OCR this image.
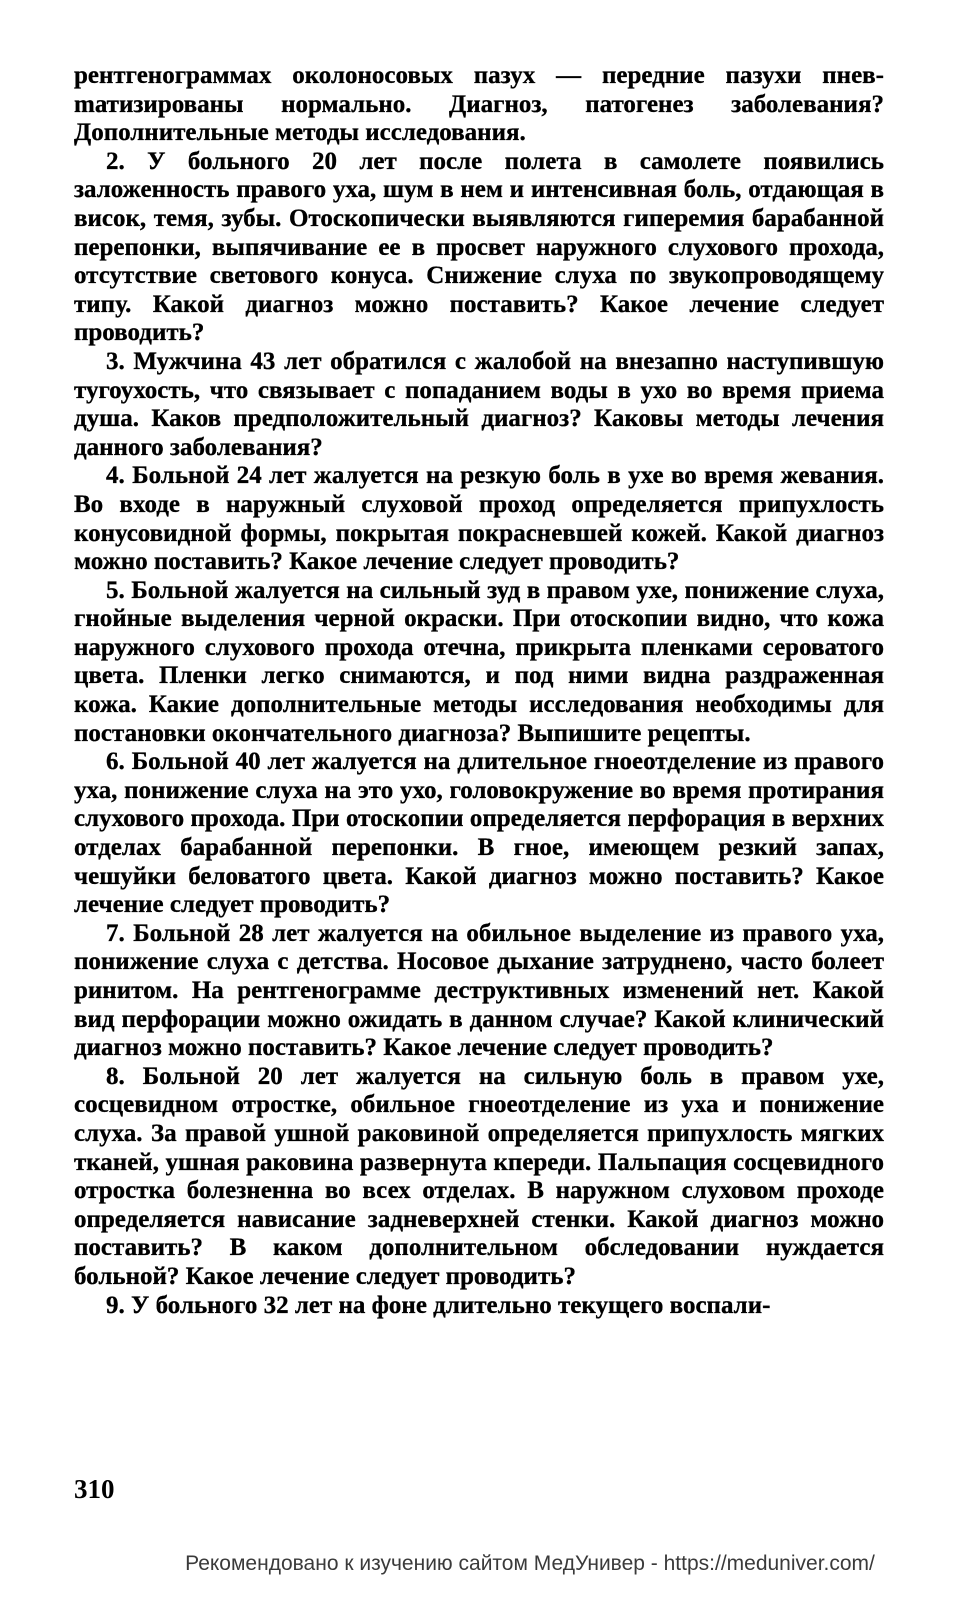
рентгенограммах околоносовых пазух — передние пазухи пневmатизированы нормально. Диагноз, патогенез заболевания? Дополнительные методы исследования.

2. У больного 20 лет после полета в самолете появились заложенность правого уха, шум в нем и интенсивная боль, отдающая в висок, темя, зубы. Отоскопически выявляются гиперемия барабанной перепонки, выпячивание ее в просвет наружного слухового прохода, отсутствие светового конуса. Снижение слуха по звукопроводящему типу. Какой диагноз можно поставить? Какое лечение следует проводить?

3. Мужчина 43 лет обратился с жалобой на внезапно наступившую тугоухость, что связывает с попаданием воды в ухо во время приема душа. Каков предположительный диагноз? Каковы методы лечения данного заболевания?

4. Больной 24 лет жалуется на резкую боль в ухе во время жевания. Во входе в наружный слуховой проход определяется припухлость конусовидной формы, покрытая покрасневшей кожей. Какой диагноз можно поставить? Какое лечение следует проводить?

5. Больной жалуется на сильный зуд в правом ухе, понижение слуха, гнойные выделения черной окраски. При отоскопии видно, что кожа наружного слухового прохода отечна, прикрыта пленками сероватого цвета. Пленки легко снимаются, и под ними видна раздраженная кожа. Какие дополнительные методы исследования необходимы для постановки окончательного диагноза? Выпишите рецепты.

6. Больной 40 лет жалуется на длительное гноеотделение из правого уха, понижение слуха на это ухо, головокружение во время протирания слухового прохода. При отоскопии определяется перфорация в верхних отделах барабанной перепонки. В гное, имеющем резкий запах, чешуйки беловатого цвета. Какой диагноз можно поставить? Какое лечение следует проводить?

7. Больной 28 лет жалуется на обильное выделение из правого уха, понижение слуха с детства. Носовое дыхание затруднено, часто болеет ринитом. На рентгенограмме деструктивных изменений нет. Какой вид перфорации можно ожидать в данном случае? Какой клинический диагноз можно поставить? Какое лечение следует проводить?

8. Больной 20 лет жалуется на сильную боль в правом ухе, сосцевидном отростке, обильное гноеотделение из уха и понижение слуха. За правой ушной раковиной определяется припухлость мягких тканей, ушная раковина развернута кпереди. Пальпация сосцевидного отростка болезненна во всех отделах. В наружном слуховом проходе определяется нависание задневерхней стенки. Какой диагноз можно поставить? В каком дополнительном обследовании нуждается больной? Какое лечение следует проводить?

9. У больного 32 лет на фоне длительно текущего воспали-

310
Рекомендовано к изучению сайтом МедУнивер - https://meduniver.com/
